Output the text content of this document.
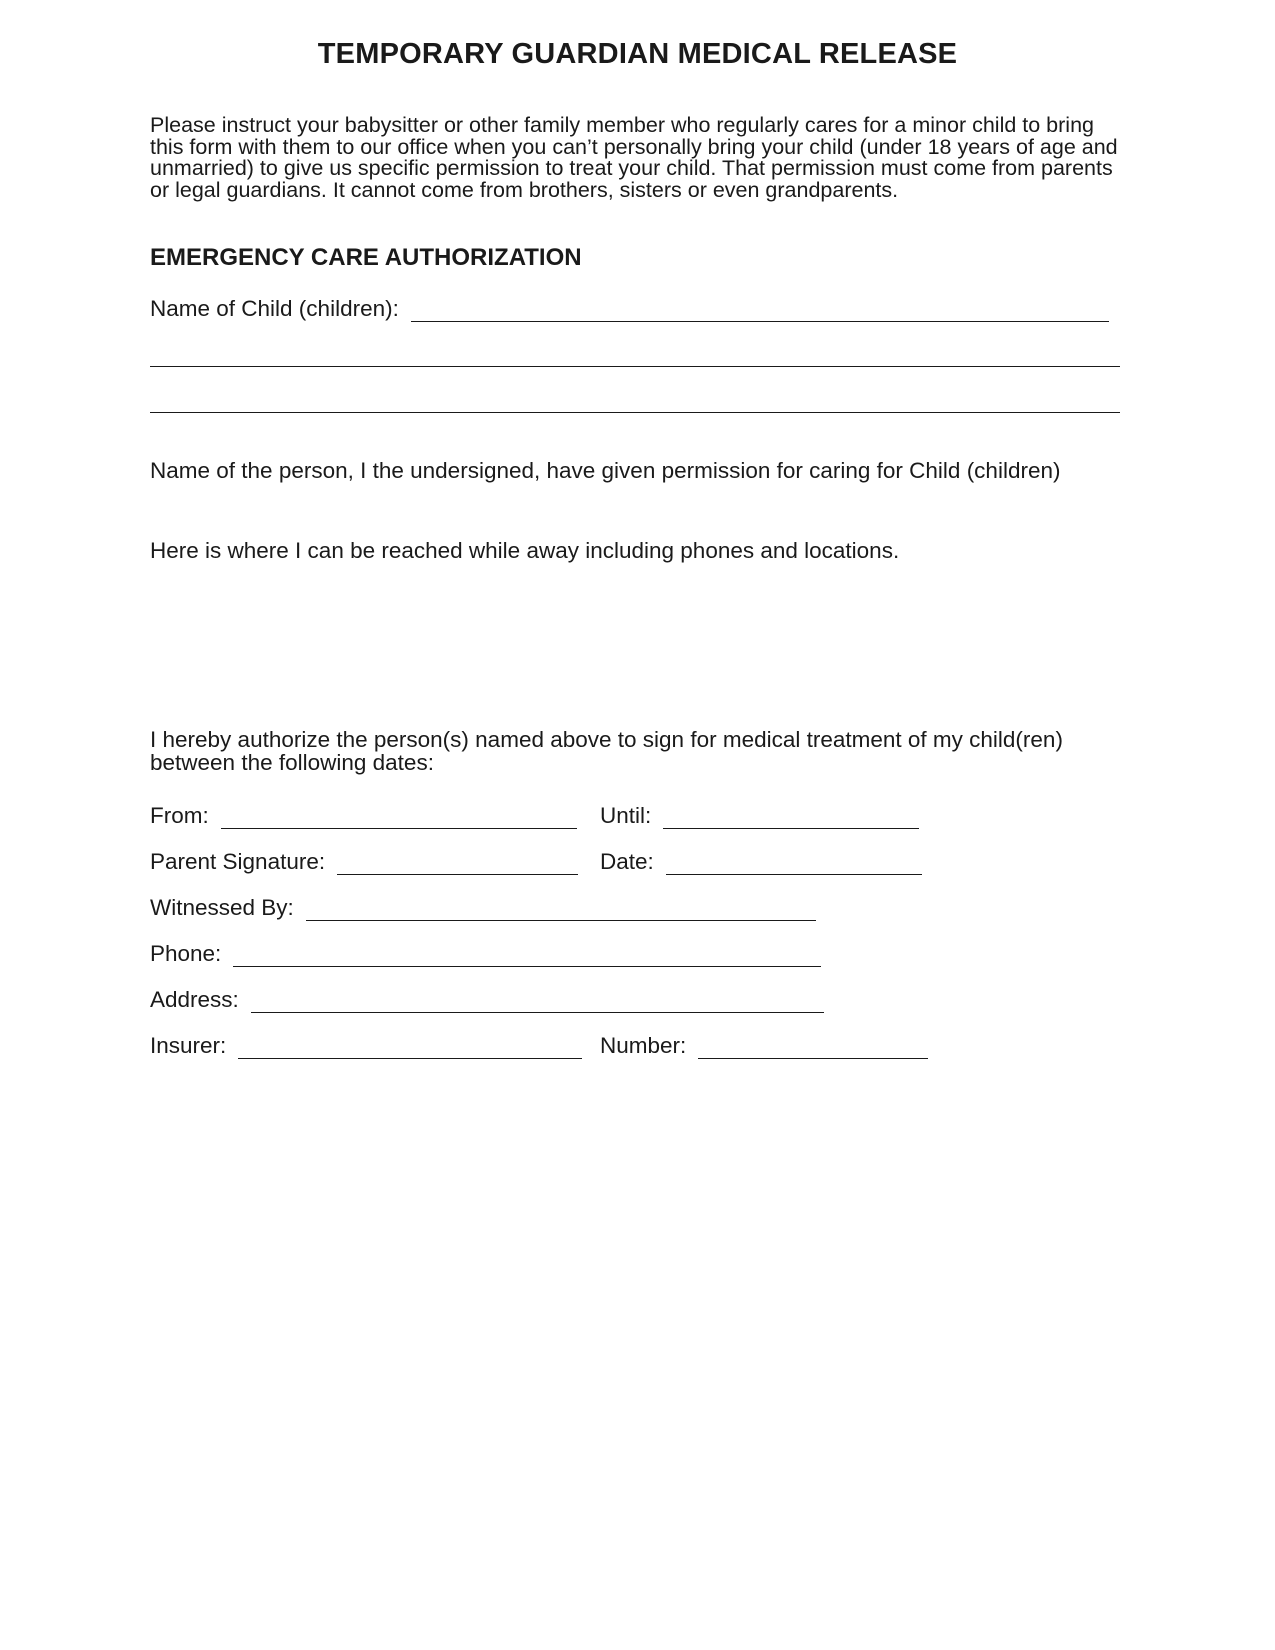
TEMPORARY GUARDIAN MEDICAL RELEASE
Please instruct your babysitter or other family member who regularly cares for a minor child to bring
this form with them to our office when you can’t personally bring your child (under 18 years of age and
unmarried) to give us specific permission to treat your child. That permission must come from parents
or legal guardians. It cannot come from brothers, sisters or even grandparents.
EMERGENCY CARE AUTHORIZATION
Name of Child (children):
Name of the person, I the undersigned, have given permission for caring for Child (children)
Here is where I can be reached while away including phones and locations.
I hereby authorize the person(s) named above to sign for medical treatment of my child(ren)
between the following dates:
From:	Until:
Parent Signature:	Date:
Witnessed By:
Phone:
Address:
Insurer:	Number:
